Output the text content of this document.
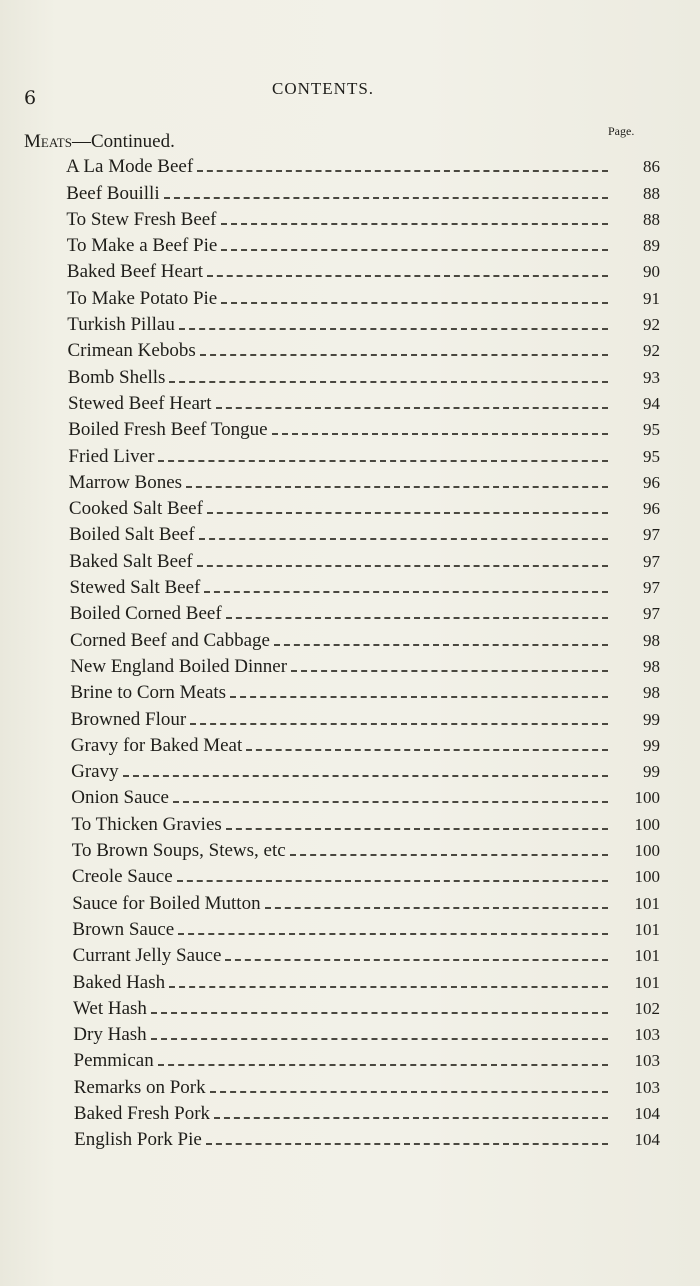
6	CONTENTS.
Page.
Meats—Continued.
A La Mode Beef	86
Beef Bouilli	88
To Stew Fresh Beef	88
To Make a Beef Pie	89
Baked Beef Heart	90
To Make Potato Pie	91
Turkish Pillau	92
Crimean Kebobs	92
Bomb Shells	93
Stewed Beef Heart	94
Boiled Fresh Beef Tongue	95
Fried Liver	95
Marrow Bones	96
Cooked Salt Beef	96
Boiled Salt Beef	97
Baked Salt Beef	97
Stewed Salt Beef	97
Boiled Corned Beef	97
Corned Beef and Cabbage	98
New England Boiled Dinner	98
Brine to Corn Meats	98
Browned Flour	99
Gravy for Baked Meat	99
Gravy	99
Onion Sauce	100
To Thicken Gravies	100
To Brown Soups, Stews, etc	100
Creole Sauce	100
Sauce for Boiled Mutton	101
Brown Sauce	101
Currant Jelly Sauce	101
Baked Hash	101
Wet Hash	102
Dry Hash	103
Pemmican	103
Remarks on Pork	103
Baked Fresh Pork	104
English Pork Pie	104
